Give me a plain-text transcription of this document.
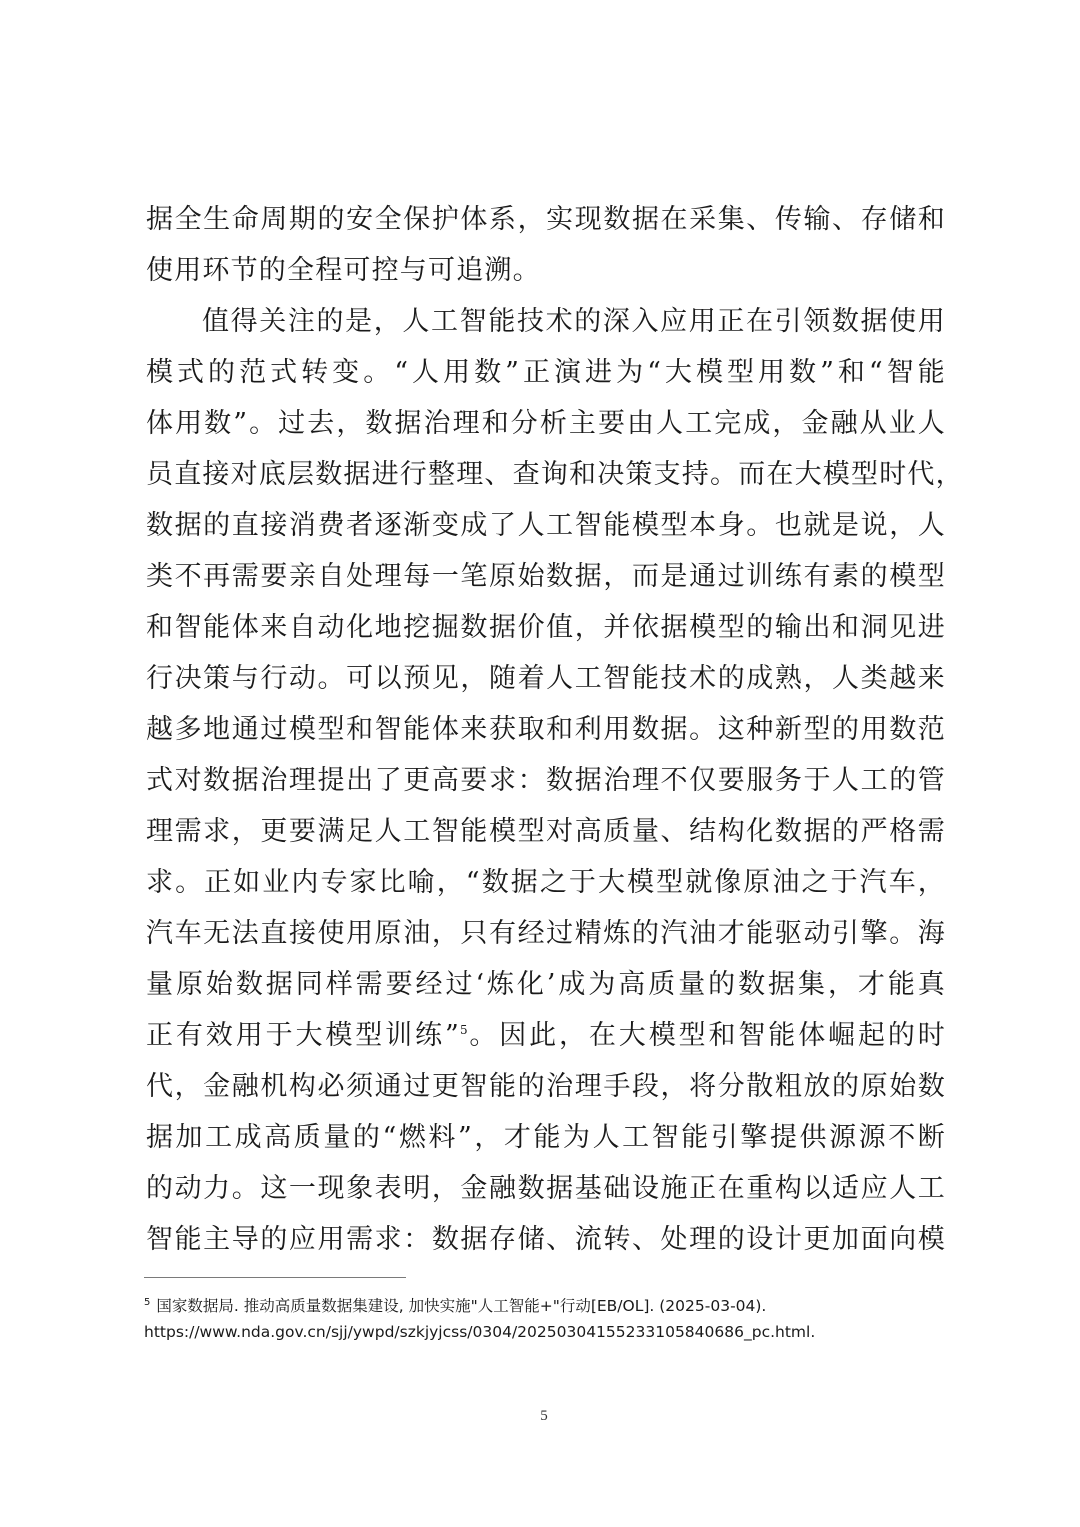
据全生命周期的安全保护体系，实现数据在采集、传输、存储和
使用环节的全程可控与可追溯。
值得关注的是，人工智能技术的深入应用正在引领数据使用
模式的范式转变。“人用数”正演进为“大模型用数”和“智能
体用数”。过去，数据治理和分析主要由人工完成，金融从业人
员直接对底层数据进行整理、查询和决策支持。而在大模型时代，
数据的直接消费者逐渐变成了人工智能模型本身。也就是说，人
类不再需要亲自处理每一笔原始数据，而是通过训练有素的模型
和智能体来自动化地挖掘数据价值，并依据模型的输出和洞见进
行决策与行动。可以预见，随着人工智能技术的成熟，人类越来
越多地通过模型和智能体来获取和利用数据。这种新型的用数范
式对数据治理提出了更高要求：数据治理不仅要服务于人工的管
理需求，更要满足人工智能模型对高质量、结构化数据的严格需
求。正如业内专家比喻，“数据之于大模型就像原油之于汽车，
汽车无法直接使用原油，只有经过精炼的汽油才能驱动引擎。海
量原始数据同样需要经过‘炼化’成为高质量的数据集，才能真
正有效用于大模型训练”$^5$。因此，在大模型和智能体崛起的时
代，金融机构必须通过更智能的治理手段，将分散粗放的原始数
据加工成高质量的“燃料”，才能为人工智能引擎提供源源不断
的动力。这一现象表明，金融数据基础设施正在重构以适应人工
智能主导的应用需求：数据存储、流转、处理的设计更加面向模
$^5$ 国家数据局. 推动高质量数据集建设, 加快实施"人工智能+"行动[EB/OL]. (2025-03-04).
https://www.nda.gov.cn/sjj/ywpd/szkjyjcss/0304/20250304155233105840686_pc.html.
5
